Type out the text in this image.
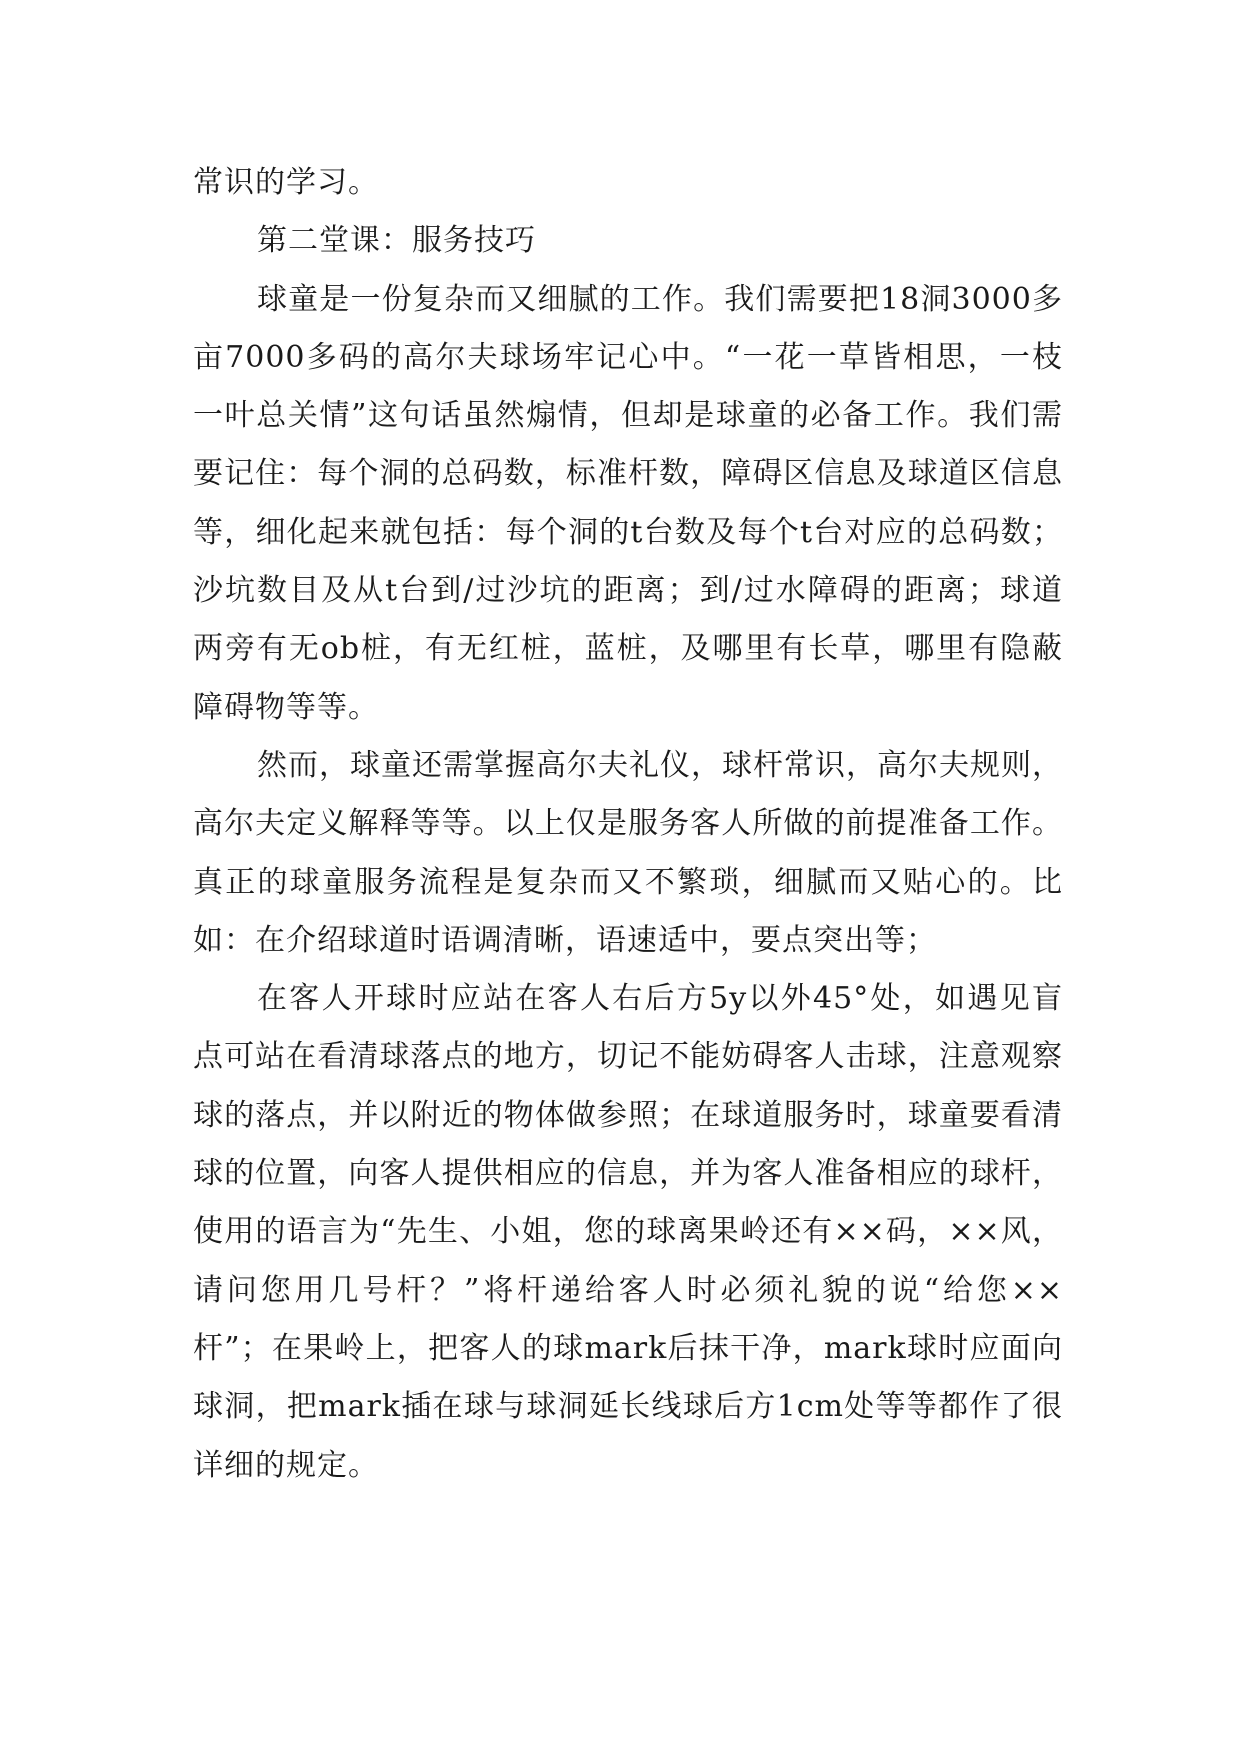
常识的学习。

第二堂课：服务技巧

球童是一份复杂而又细腻的工作。我们需要把18洞3000多亩7000多码的高尔夫球场牢记心中。“一花一草皆相思，一枝一叶总关情”这句话虽然煽情，但却是球童的必备工作。我们需要记住：每个洞的总码数，标准杆数，障碍区信息及球道区信息等，细化起来就包括：每个洞的t台数及每个t台对应的总码数；沙坑数目及从t台到/过沙坑的距离；到/过水障碍的距离；球道两旁有无ob桩，有无红桩，蓝桩，及哪里有长草，哪里有隐蔽障碍物等等。

然而，球童还需掌握高尔夫礼仪，球杆常识，高尔夫规则，高尔夫定义解释等等。以上仅是服务客人所做的前提准备工作。真正的球童服务流程是复杂而又不繁琐，细腻而又贴心的。比如：在介绍球道时语调清晰，语速适中，要点突出等；

在客人开球时应站在客人右后方5y以外45°处，如遇见盲点可站在看清球落点的地方，切记不能妨碍客人击球，注意观察球的落点，并以附近的物体做参照；在球道服务时，球童要看清球的位置，向客人提供相应的信息，并为客人准备相应的球杆，使用的语言为“先生、小姐，您的球离果岭还有××码，××风，请问您用几号杆？”将杆递给客人时必须礼貌的说“给您××杆”；在果岭上，把客人的球mark后抹干净，mark球时应面向球洞，把mark插在球与球洞延长线球后方1cm处等等都作了很详细的规定。
